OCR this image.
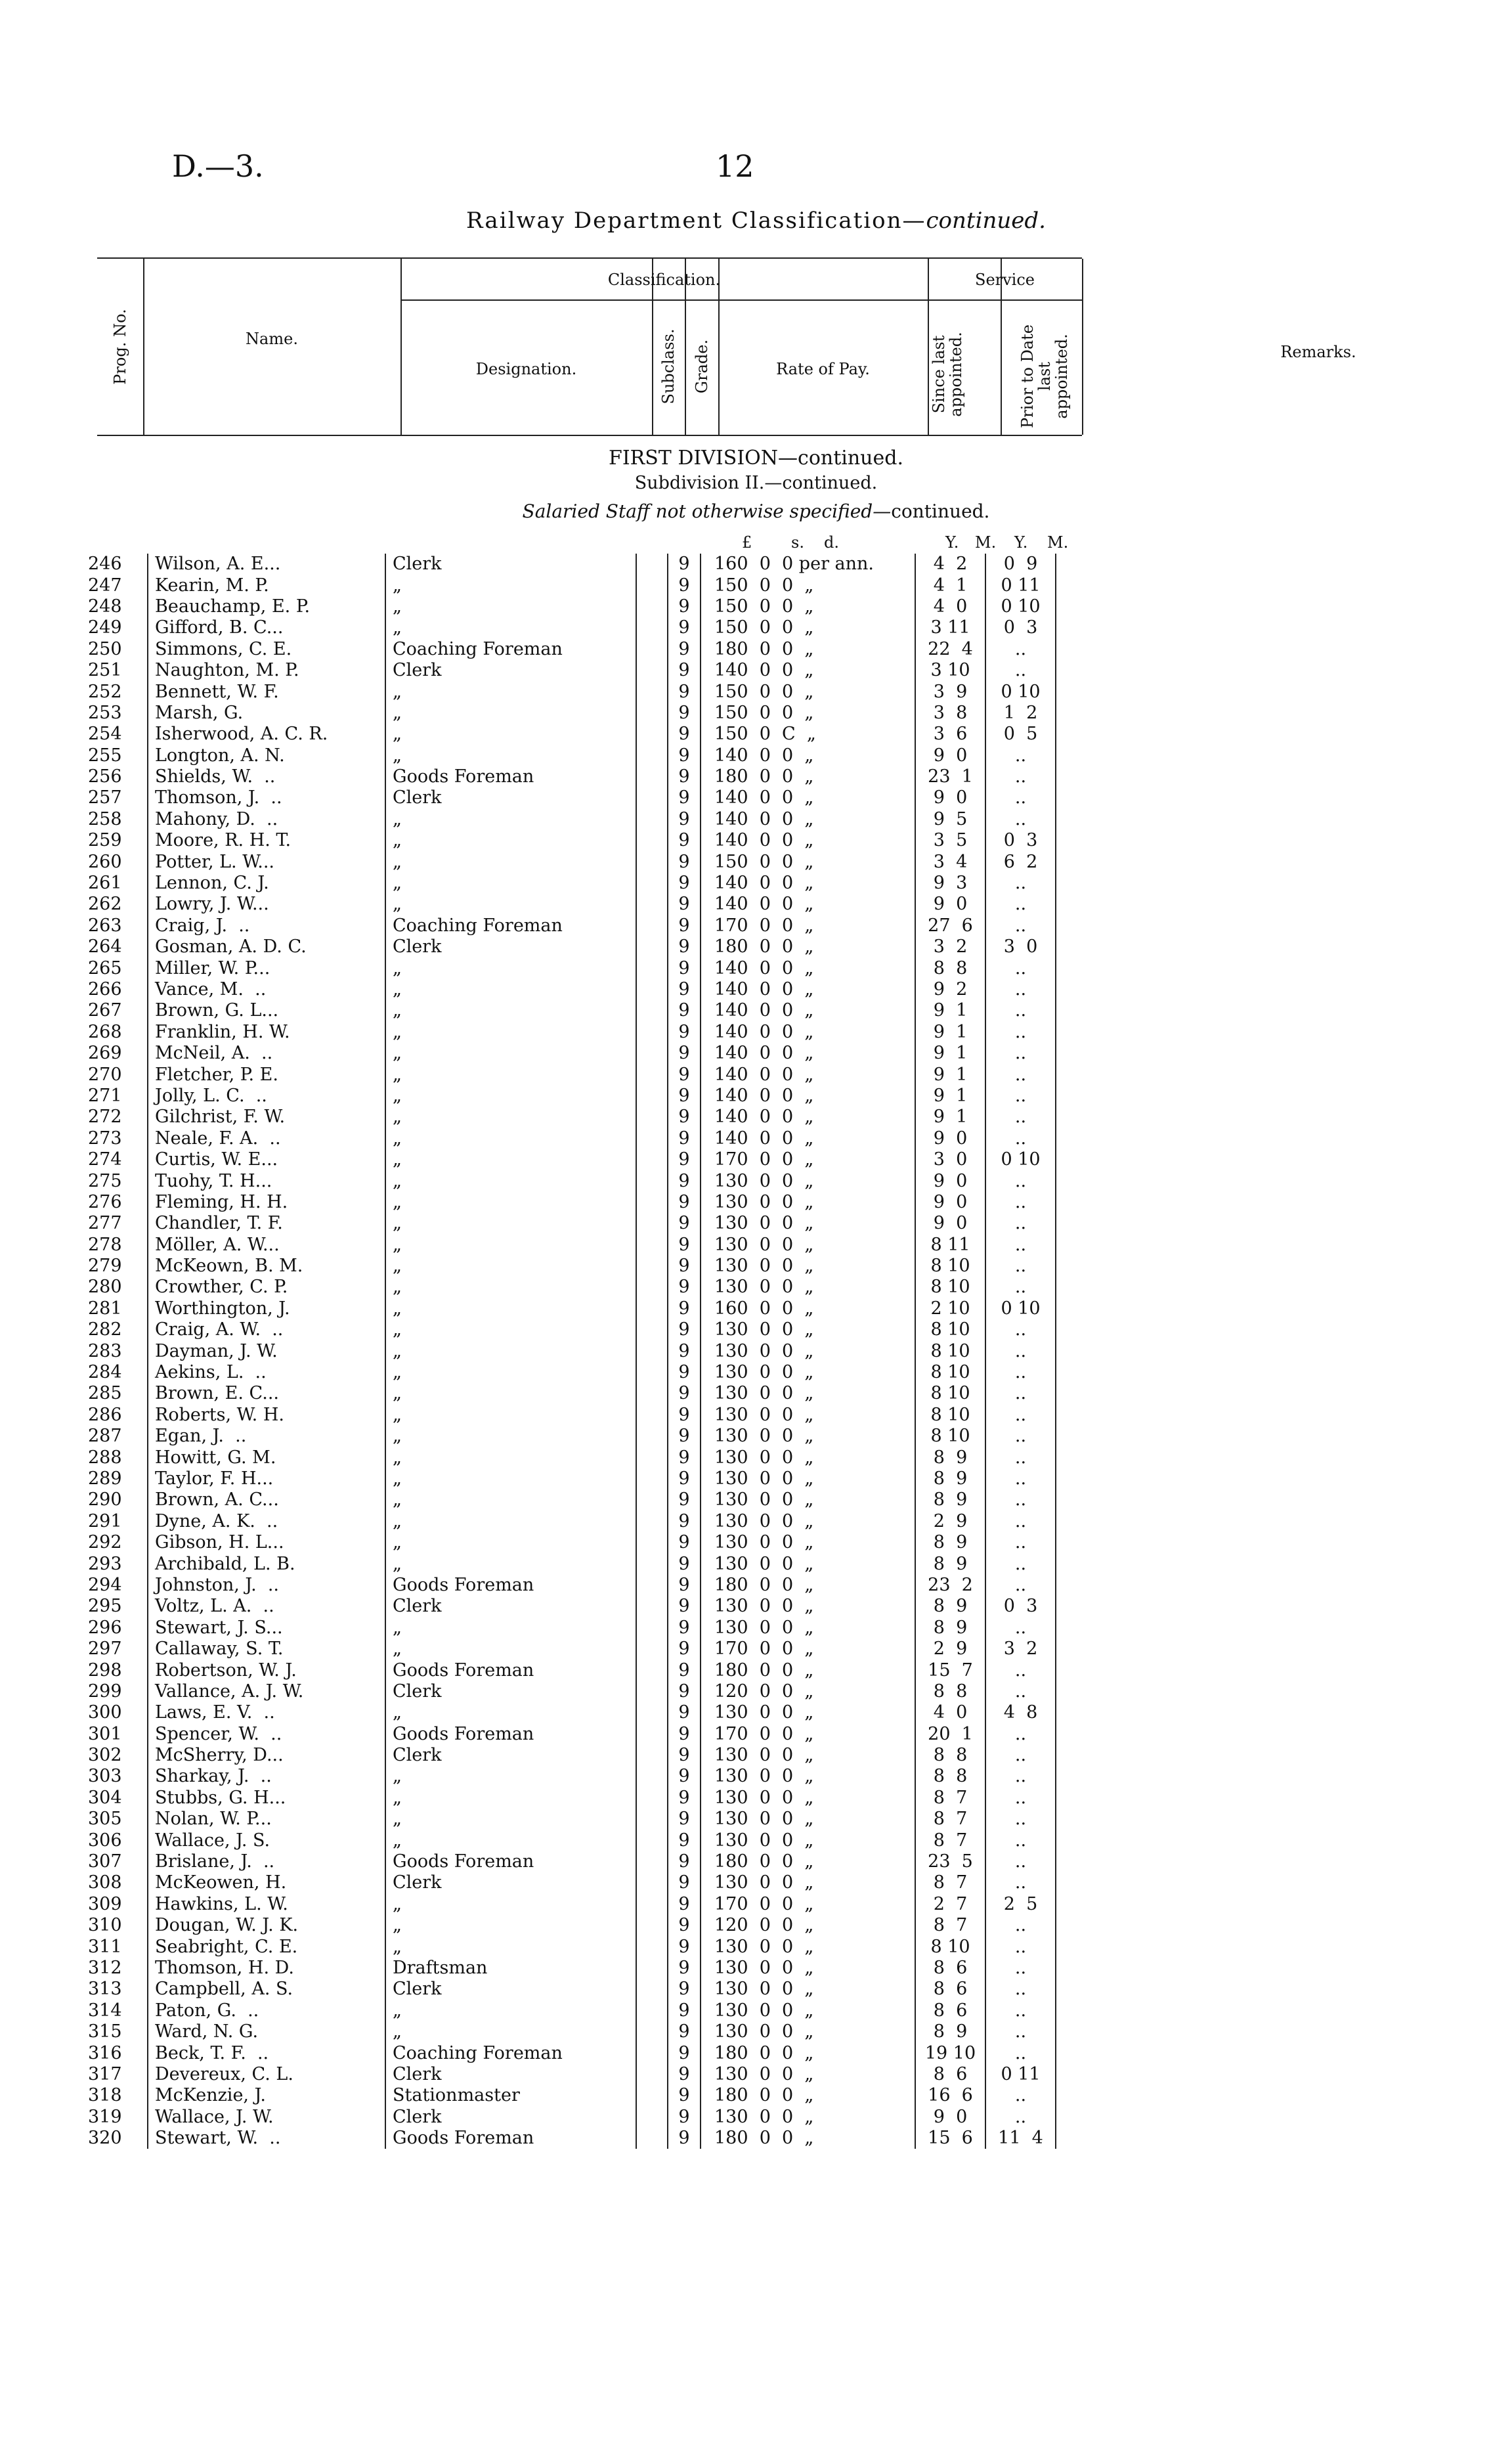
D.—3.	12
Railway Department Classification—continued.
Prog. No.	Name.
Classification.
Designation.	Subclass. Grade.	Rate of Pay.
Service
Since last appointed.	Prior to Date last appointed.	Remarks.
FIRST DIVISION—continued.
Subdivision II.—continued.
Salaried Staff not otherwise specified—continued.
£ s. d.	Y. M. Y. M.
246	Wilson, A. E...	Clerk		9	160  0  0 per ann.	4  2	0  9
247	Kearin, M. P.	„		9	150  0  0  „	4  1	0 11
248	Beauchamp, E. P.	„		9	150  0  0  „	4  0	0 10
249	Gifford, B. C...	„		9	150  0  0  „	3 11	0  3
250	Simmons, C. E.	Coaching Foreman		9	180  0  0  „	22  4	..
251	Naughton, M. P.	Clerk		9	140  0  0  „	3 10	..
252	Bennett, W. F.	„		9	150  0  0  „	3  9	0 10
253	Marsh, G.	„		9	150  0  0  „	3  8	1  2
254	Isherwood, A. C. R.	„		9	150  0  C  „	3  6	0  5
255	Longton, A. N.	„		9	140  0  0  „	9  0	..
256	Shields, W.  ..	Goods Foreman		9	180  0  0  „	23  1	..
257	Thomson, J.  ..	Clerk		9	140  0  0  „	9  0	..
258	Mahony, D.  ..	„		9	140  0  0  „	9  5	..
259	Moore, R. H. T.	„		9	140  0  0  „	3  5	0  3
260	Potter, L. W...	„		9	150  0  0  „	3  4	6  2
261	Lennon, C. J.	„		9	140  0  0  „	9  3	..
262	Lowry, J. W...	„		9	140  0  0  „	9  0	..
263	Craig, J.  ..	Coaching Foreman		9	170  0  0  „	27  6	..
264	Gosman, A. D. C.	Clerk		9	180  0  0  „	3  2	3  0
265	Miller, W. P...	„		9	140  0  0  „	8  8	..
266	Vance, M.  ..	„		9	140  0  0  „	9  2	..
267	Brown, G. L...	„		9	140  0  0  „	9  1	..
268	Franklin, H. W.	„		9	140  0  0  „	9  1	..
269	McNeil, A.  ..	„		9	140  0  0  „	9  1	..
270	Fletcher, P. E.	„		9	140  0  0  „	9  1	..
271	Jolly, L. C.  ..	„		9	140  0  0  „	9  1	..
272	Gilchrist, F. W.	„		9	140  0  0  „	9  1	..
273	Neale, F. A.  ..	„		9	140  0  0  „	9  0	..
274	Curtis, W. E...	„		9	170  0  0  „	3  0	0 10
275	Tuohy, T. H...	„		9	130  0  0  „	9  0	..
276	Fleming, H. H.	„		9	130  0  0  „	9  0	..
277	Chandler, T. F.	„		9	130  0  0  „	9  0	..
278	Möller, A. W...	„		9	130  0  0  „	8 11	..
279	McKeown, B. M.	„		9	130  0  0  „	8 10	..
280	Crowther, C. P.	„		9	130  0  0  „	8 10	..
281	Worthington, J.	„		9	160  0  0  „	2 10	0 10
282	Craig, A. W.  ..	„		9	130  0  0  „	8 10	..
283	Dayman, J. W.	„		9	130  0  0  „	8 10	..
284	Aekins, L.  ..	„		9	130  0  0  „	8 10	..
285	Brown, E. C...	„		9	130  0  0  „	8 10	..
286	Roberts, W. H.	„		9	130  0  0  „	8 10	..
287	Egan, J.  ..	„		9	130  0  0  „	8 10	..
288	Howitt, G. M.	„		9	130  0  0  „	8  9	..
289	Taylor, F. H...	„		9	130  0  0  „	8  9	..
290	Brown, A. C...	„		9	130  0  0  „	8  9	..
291	Dyne, A. K.  ..	„		9	130  0  0  „	2  9	..
292	Gibson, H. L...	„		9	130  0  0  „	8  9	..
293	Archibald, L. B.	„		9	130  0  0  „	8  9	..
294	Johnston, J.  ..	Goods Foreman		9	180  0  0  „	23  2	..
295	Voltz, L. A.  ..	Clerk		9	130  0  0  „	8  9	0  3
296	Stewart, J. S...	„		9	130  0  0  „	8  9	..
297	Callaway, S. T.	„		9	170  0  0  „	2  9	3  2
298	Robertson, W. J.	Goods Foreman		9	180  0  0  „	15  7	..
299	Vallance, A. J. W.	Clerk		9	120  0  0  „	8  8	..
300	Laws, E. V.  ..	„		9	130  0  0  „	4  0	4  8
301	Spencer, W.  ..	Goods Foreman		9	170  0  0  „	20  1	..
302	McSherry, D...	Clerk		9	130  0  0  „	8  8	..
303	Sharkay, J.  ..	„		9	130  0  0  „	8  8	..
304	Stubbs, G. H...	„		9	130  0  0  „	8  7	..
305	Nolan, W. P...	„		9	130  0  0  „	8  7	..
306	Wallace, J. S.	„		9	130  0  0  „	8  7	..
307	Brislane, J.  ..	Goods Foreman		9	180  0  0  „	23  5	..
308	McKeowen, H.	Clerk		9	130  0  0  „	8  7	..
309	Hawkins, L. W.	„		9	170  0  0  „	2  7	2  5
310	Dougan, W. J. K.	„		9	120  0  0  „	8  7	..
311	Seabright, C. E.	„		9	130  0  0  „	8 10	..
312	Thomson, H. D.	Draftsman		9	130  0  0  „	8  6	..
313	Campbell, A. S.	Clerk		9	130  0  0  „	8  6	..
314	Paton, G.  ..	„		9	130  0  0  „	8  6	..
315	Ward, N. G.	„		9	130  0  0  „	8  9	..
316	Beck, T. F.  ..	Coaching Foreman		9	180  0  0  „	19 10	..
317	Devereux, C. L.	Clerk		9	130  0  0  „	8  6	0 11
318	McKenzie, J.	Stationmaster		9	180  0  0  „	16  6	..
319	Wallace, J. W.	Clerk		9	130  0  0  „	9  0	..
320	Stewart, W.  ..	Goods Foreman		9	180  0  0  „	15  6	11  4
